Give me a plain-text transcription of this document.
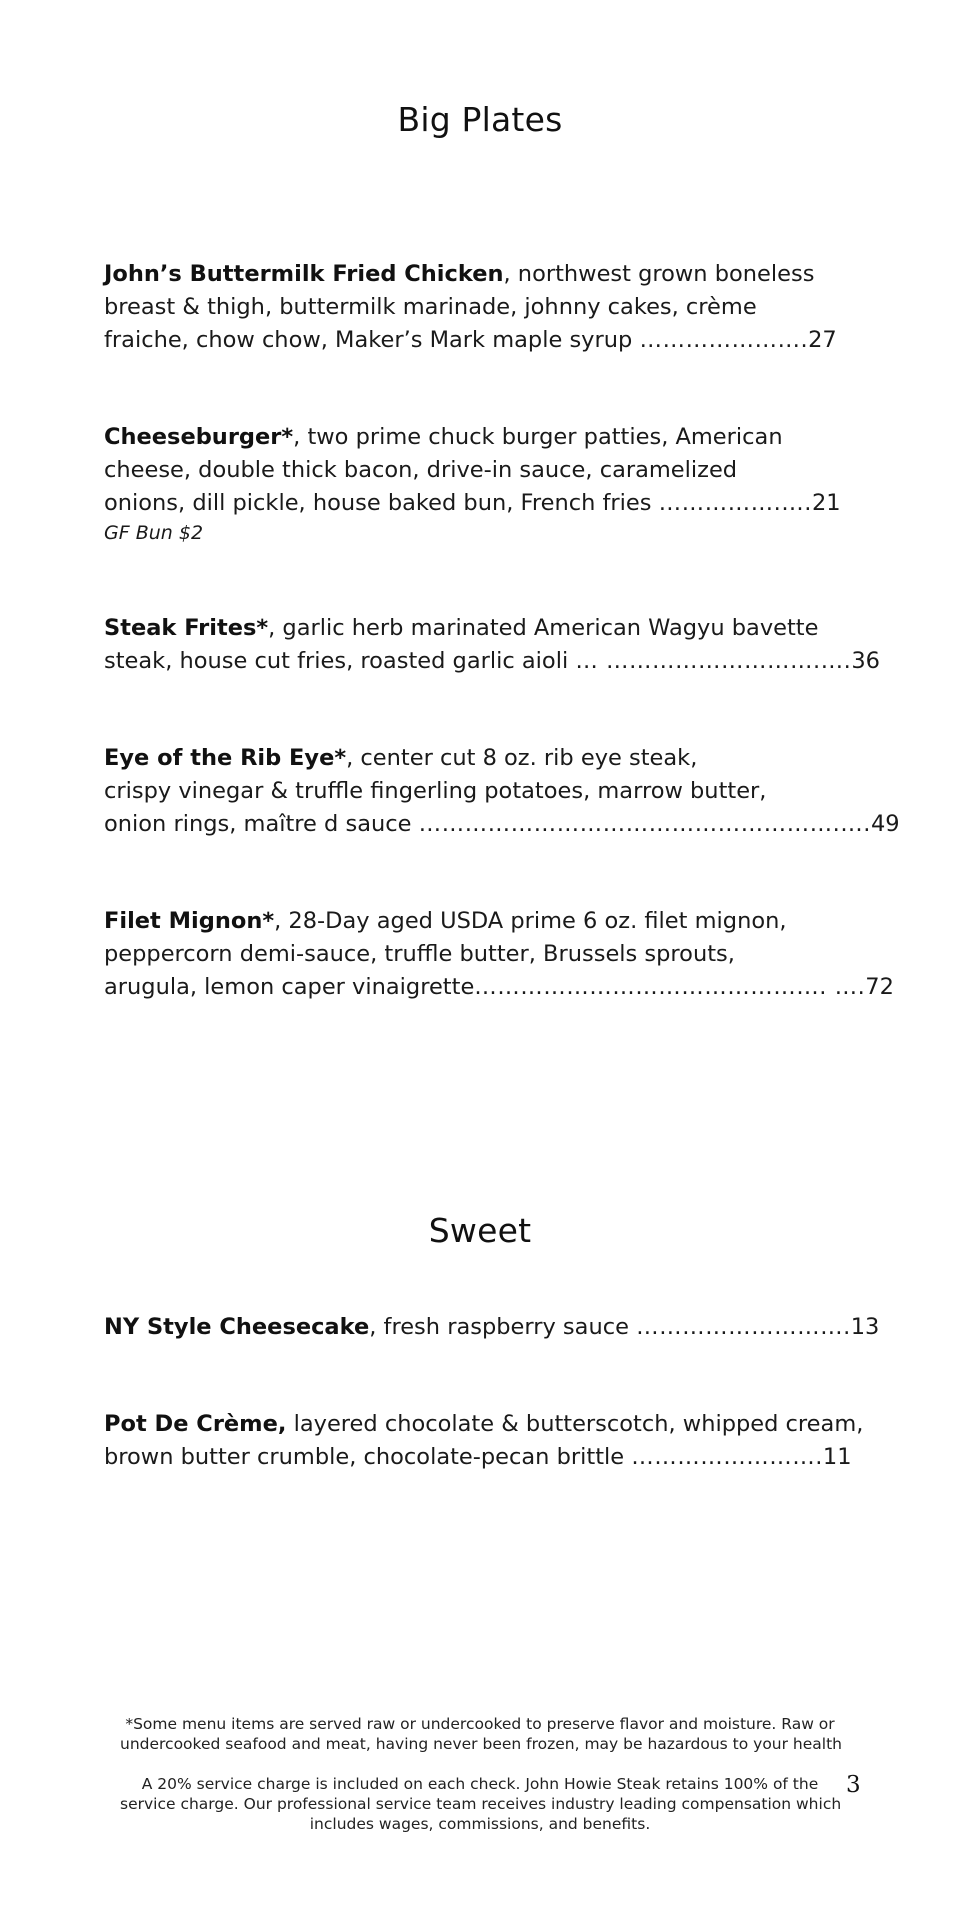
Big Plates
John’s Buttermilk Fried Chicken, northwest grown boneless
breast & thigh, buttermilk marinade, johnny cakes, crème
fraiche, chow chow, Maker’s Mark maple syrup ………………….27
Cheeseburger*, two prime chuck burger patties, American
cheese, double thick bacon, drive-in sauce, caramelized
onions, dill pickle, house baked bun, French fries …………….….21
GF Bun $2
Steak Frites*, garlic herb marinated American Wagyu bavette
steak, house cut fries, roasted garlic aioli … ……………………….….36
Eye of the Rib Eye*, center cut 8 oz. rib eye steak,
crispy vinegar & truffle fingerling potatoes, marrow butter,
onion rings, maître d sauce ……………………………………………….….49
Filet Mignon*, 28-Day aged USDA prime 6 oz. filet mignon,
peppercorn demi-sauce, truffle butter, Brussels sprouts,
arugula, lemon caper vinaigrette………………………………………. ….72
Sweet
NY Style Cheesecake, fresh raspberry sauce ……………………….13
Pot De Crème, layered chocolate & butterscotch, whipped cream,
brown butter crumble, chocolate-pecan brittle …………………….11
*Some menu items are served raw or undercooked to preserve flavor and moisture. Raw or
undercooked seafood and meat, having never been frozen, may be hazardous to your health
A 20% service charge is included on each check. John Howie Steak retains 100% of the
service charge. Our professional service team receives industry leading compensation which
includes wages, commissions, and benefits.
3
